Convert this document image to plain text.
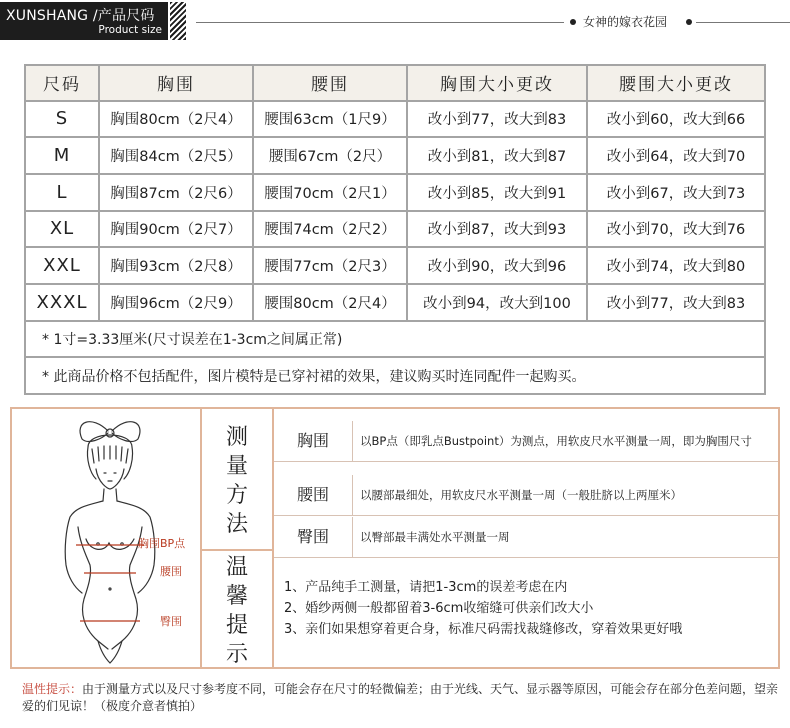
XUNSHANG /产品尺码
Product size
女神的嫁衣花园
尺码	胸围	腰围	胸围大小更改	腰围大小更改
S	胸围80cm（2尺4）	腰围63cm（1尺9）	改小到77，改大到83	改小到60，改大到66
M	胸围84cm（2尺5）	腰围67cm（2尺）	改小到81，改大到87	改小到64，改大到70
L	胸围87cm（2尺6）	腰围70cm（2尺1）	改小到85，改大到91	改小到67，改大到73
XL	胸围90cm（2尺7）	腰围74cm（2尺2）	改小到87，改大到93	改小到70，改大到76
XXL	胸围93cm（2尺8）	腰围77cm（2尺3）	改小到90，改大到96	改小到74，改大到80
XXXL	胸围96cm（2尺9）	腰围80cm（2尺4）	改小到94，改大到100	改小到77，改大到83
* 1寸=3.33厘米(尺寸误差在1-3cm之间属正常)				
* 此商品价格不包括配件，图片模特是已穿衬裙的效果，建议购买时连同配件一起购买。				
胸围BP点
腰围
臀围
测
量
方
法
温
馨
提
示
胸围	以BP点（即乳点Bustpoint）为测点，用软皮尺水平测量一周，即为胸围尺寸
腰围	以腰部最细处，用软皮尺水平测量一周（一般肚脐以上两厘米）
臀围	以臀部最丰满处水平测量一周
1、产品纯手工测量，请把1-3cm的误差考虑在内
2、婚纱两侧一般都留着3-6cm收缩缝可供亲们改大小
3、亲们如果想穿着更合身，标准尺码需找裁缝修改，穿着效果更好哦
温性提示：由于测量方式以及尺寸参考度不同，可能会存在尺寸的轻微偏差；由于光线、天气、显示器等原因，可能会存在部分色差问题，望亲爱的们见谅！（极度介意者慎拍）
